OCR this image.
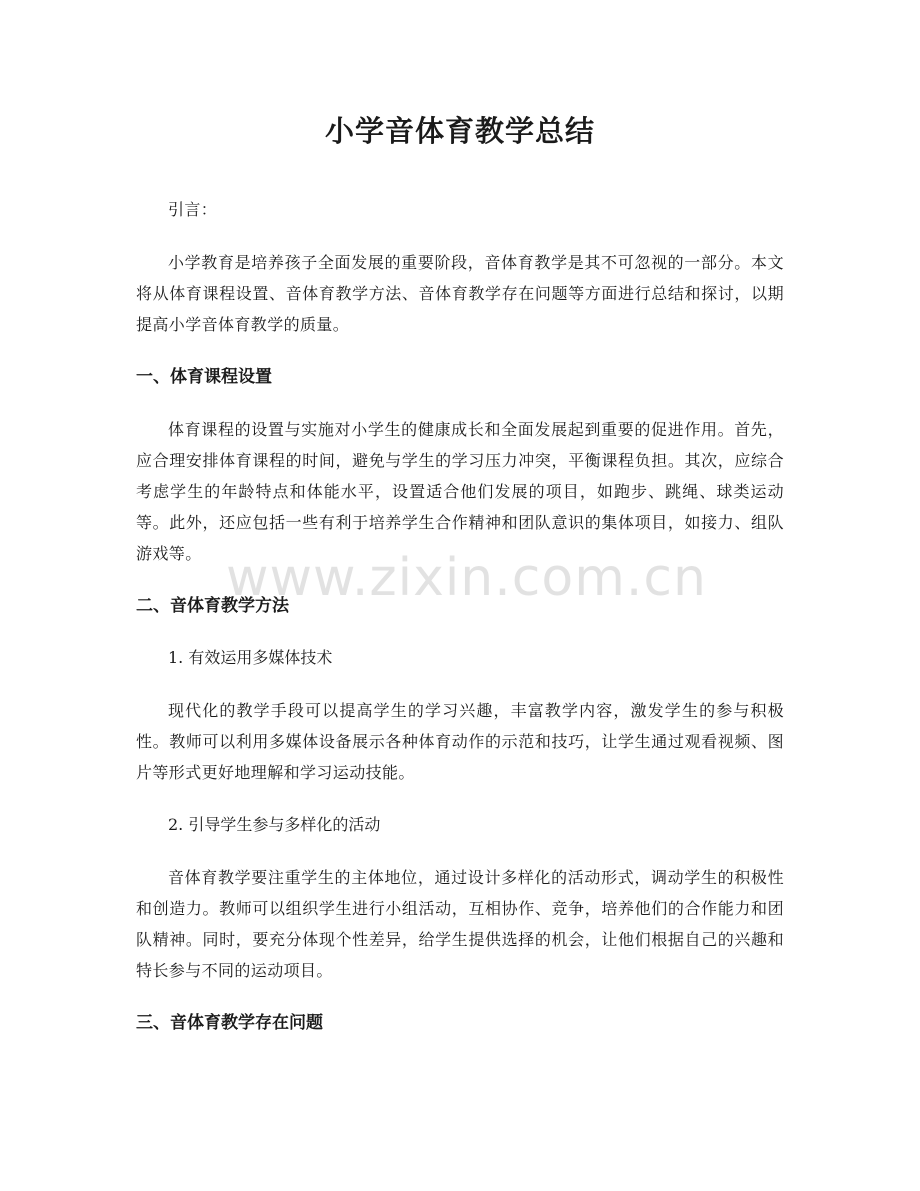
小学音体育教学总结

引言：

小学教育是培养孩子全面发展的重要阶段，音体育教学是其不可忽视的一部分。本文将从体育课程设置、音体育教学方法、音体育教学存在问题等方面进行总结和探讨，以期提高小学音体育教学的质量。

一、体育课程设置

体育课程的设置与实施对小学生的健康成长和全面发展起到重要的促进作用。首先，应合理安排体育课程的时间，避免与学生的学习压力冲突，平衡课程负担。其次，应综合考虑学生的年龄特点和体能水平，设置适合他们发展的项目，如跑步、跳绳、球类运动等。此外，还应包括一些有利于培养学生合作精神和团队意识的集体项目，如接力、组队游戏等。

二、音体育教学方法

1. 有效运用多媒体技术

现代化的教学手段可以提高学生的学习兴趣，丰富教学内容，激发学生的参与积极性。教师可以利用多媒体设备展示各种体育动作的示范和技巧，让学生通过观看视频、图片等形式更好地理解和学习运动技能。

2. 引导学生参与多样化的活动

音体育教学要注重学生的主体地位，通过设计多样化的活动形式，调动学生的积极性和创造力。教师可以组织学生进行小组活动，互相协作、竞争，培养他们的合作能力和团队精神。同时，要充分体现个性差异，给学生提供选择的机会，让他们根据自己的兴趣和特长参与不同的运动项目。

三、音体育教学存在问题
www.zixin.com.cn
